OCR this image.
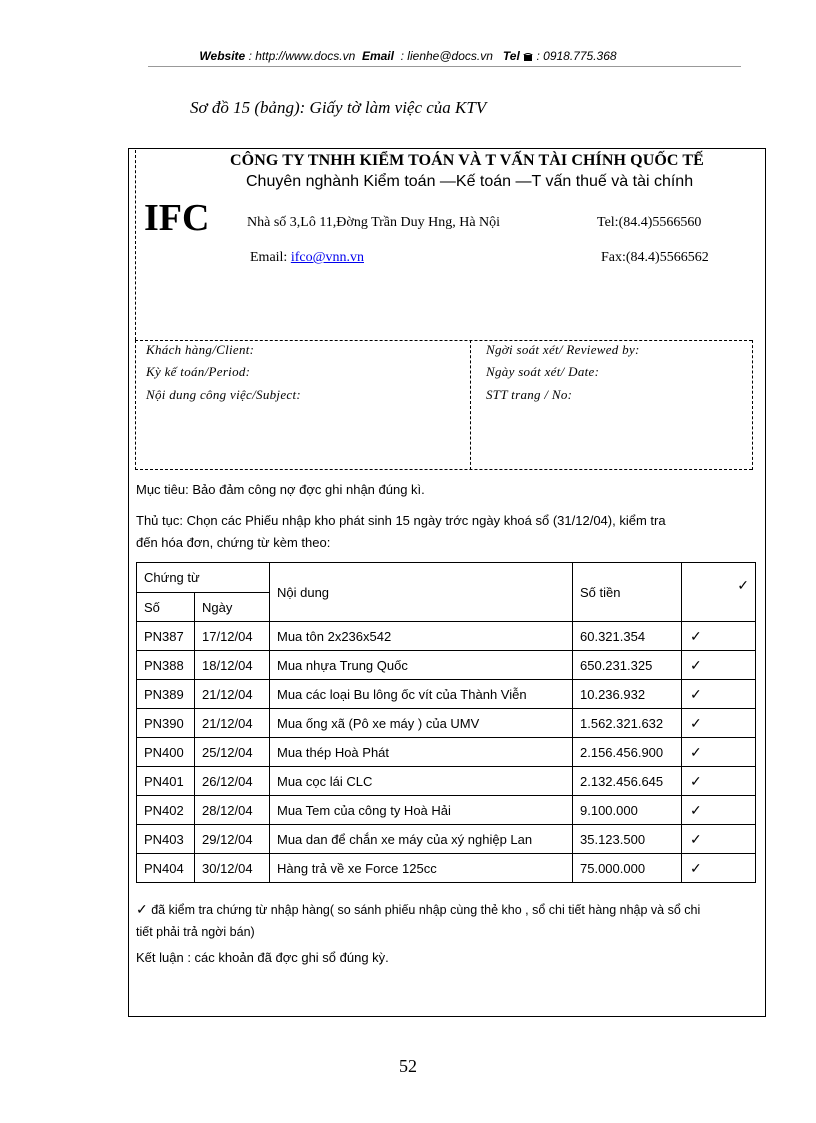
Website : http://www.docs.vn Email : lienhe@docs.vn Tel : 0918.775.368
Sơ đồ 15 (bảng): Giấy tờ làm việc của KTV
CÔNG TY TNHH KIỂM TOÁN VÀ T VẤN TÀI CHÍNH QUỐC TẾ
Chuyên nghành Kiểm toán —Kế toán —T vấn thuế và tài chính
IFC	Nhà số 3,Lô 11,Đờng Trần Duy Hng, Hà Nội	Tel:(84.4)5566560
Email: ifco@vnn.vn	Fax:(84.4)5566562
Khách hàng/Client:
Kỳ kế toán/Period:
Nội dung công việc/Subject:
Ngời soát xét/ Reviewed by:
Ngày soát xét/ Date:
STT trang / No:
Mục tiêu: Bảo đảm công nợ đợc ghi nhận đúng kì.
Thủ tục: Chọn các Phiếu nhập kho phát sinh 15 ngày trớc ngày khoá sổ (31/12/04), kiểm tra
đến hóa đơn, chứng từ kèm theo:
Chứng từ		Nội dung	Số tiền	✓
Số	Ngày			
PN387	17/12/04	Mua tôn 2x236x542	60.321.354	✓
PN388	18/12/04	Mua nhựa Trung Quốc	650.231.325	✓
PN389	21/12/04	Mua các loại Bu lông ốc vít của Thành Viễn	10.236.932	✓
PN390	21/12/04	Mua ống xã (Pô xe máy ) của UMV	1.562.321.632	✓
PN400	25/12/04	Mua thép Hoà Phát	2.156.456.900	✓
PN401	26/12/04	Mua cọc lái CLC	2.132.456.645	✓
PN402	28/12/04	Mua Tem của công ty Hoà Hải	9.100.000	✓
PN403	29/12/04	Mua dan để chắn xe máy của xý nghiệp Lan	35.123.500	✓
PN404	30/12/04	Hàng trả về xe Force 125cc	75.000.000	✓
✓ đã kiểm tra chứng từ nhập hàng( so sánh phiếu nhập cùng thẻ kho , sổ chi tiết hàng nhập và sổ chi
tiết phải trả ngời bán)
Kết luận : các khoản đã đợc ghi sổ đúng kỳ.
52
